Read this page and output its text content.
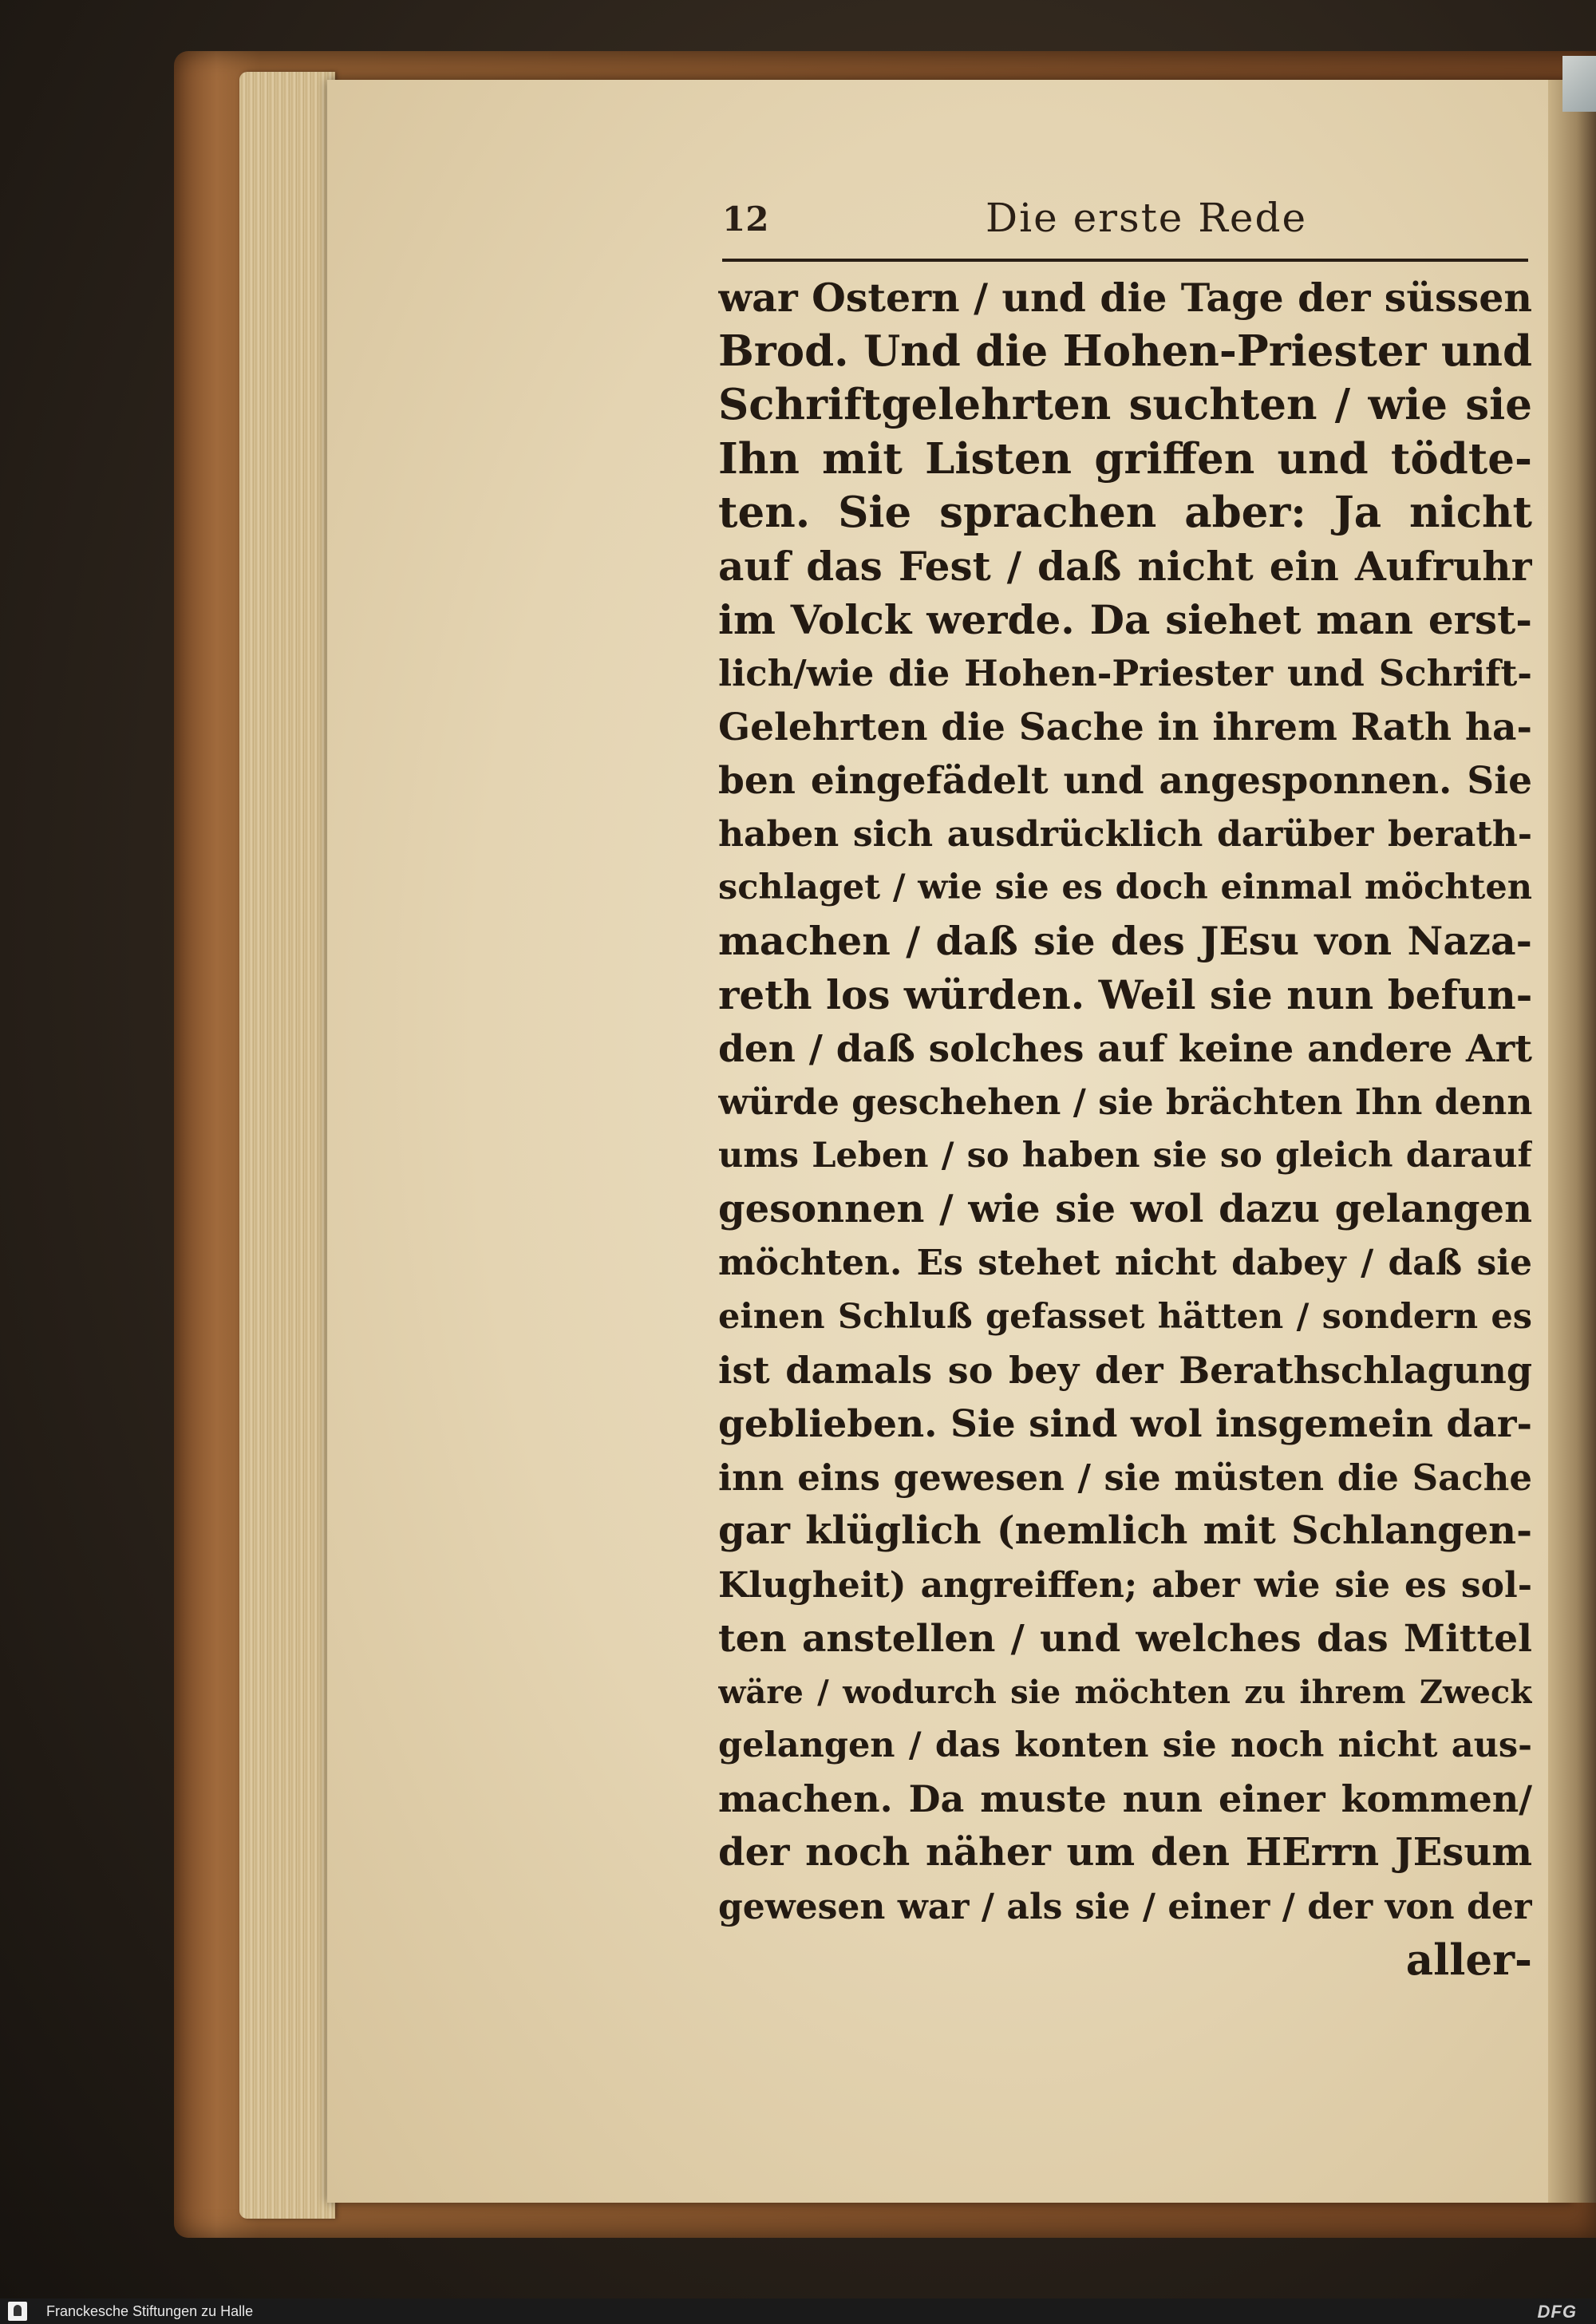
12	Die erste Rede
war Ostern / und die Tage der süssen
Brod. Und die Hohen-Priester und
Schriftgelehrten suchten / wie sie
Ihn mit Listen griffen und tödte-
ten. Sie sprachen aber: Ja nicht
auf das Fest / daß nicht ein Aufruhr
im Volck werde. Da siehet man erst-
lich/wie die Hohen-Priester und Schrift-
Gelehrten die Sache in ihrem Rath ha-
ben eingefädelt und angesponnen. Sie
haben sich ausdrücklich darüber berath-
schlaget / wie sie es doch einmal möchten
machen / daß sie des JEsu von Naza-
reth los würden. Weil sie nun befun-
den / daß solches auf keine andere Art
würde geschehen / sie brächten Ihn denn
ums Leben / so haben sie so gleich darauf
gesonnen / wie sie wol dazu gelangen
möchten. Es stehet nicht dabey / daß sie
einen Schluß gefasset hätten / sondern es
ist damals so bey der Berathschlagung
geblieben. Sie sind wol insgemein dar-
inn eins gewesen / sie müsten die Sache
gar klüglich (nemlich mit Schlangen-
Klugheit) angreiffen; aber wie sie es sol-
ten anstellen / und welches das Mittel
wäre / wodurch sie möchten zu ihrem Zweck
gelangen / das konten sie noch nicht aus-
machen. Da muste nun einer kommen/
der noch näher um den HErrn JEsum
gewesen war / als sie / einer / der von der
aller-
Franckesche Stiftungen zu Halle	DFG
